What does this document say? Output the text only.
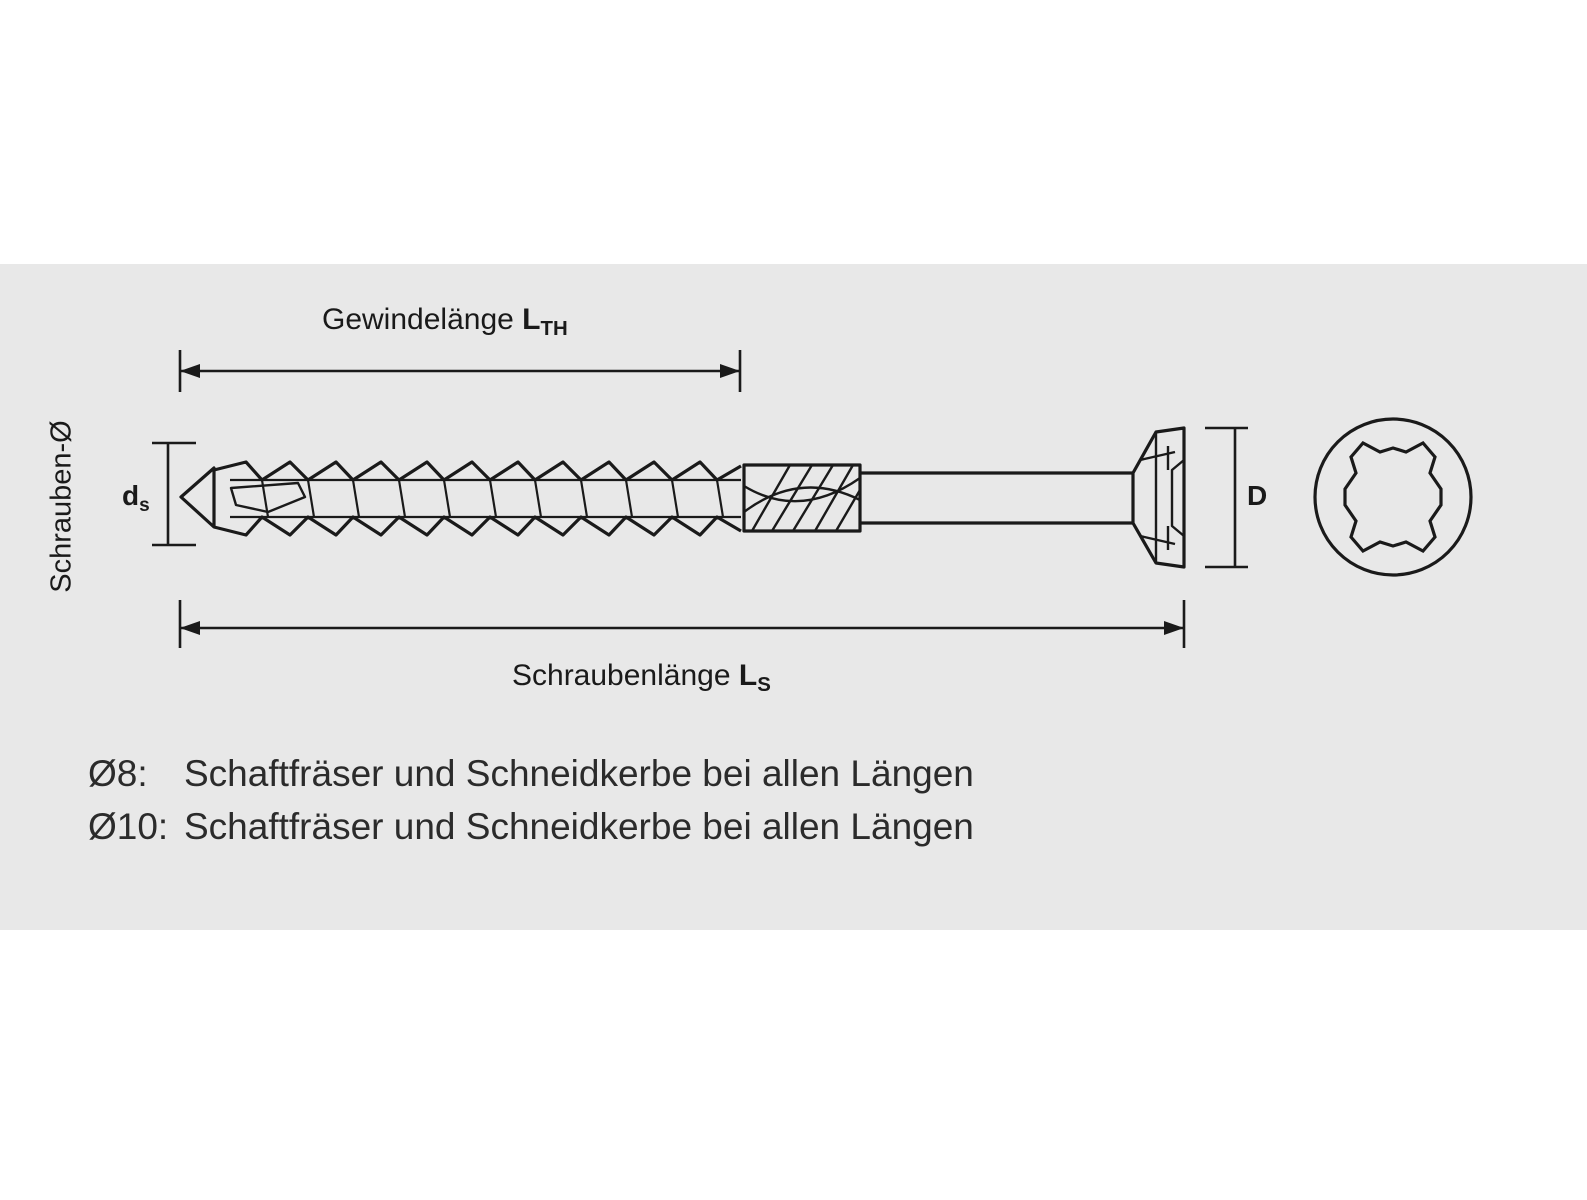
Gewindelänge $L_{TH}$
Schraubenlänge $L_S$
Schrauben-Ø $d_s$	D
Ø8: Schaftfräser und Schneidkerbe bei allen Längen
Ø10: Schaftfräser und Schneidkerbe bei allen Längen
